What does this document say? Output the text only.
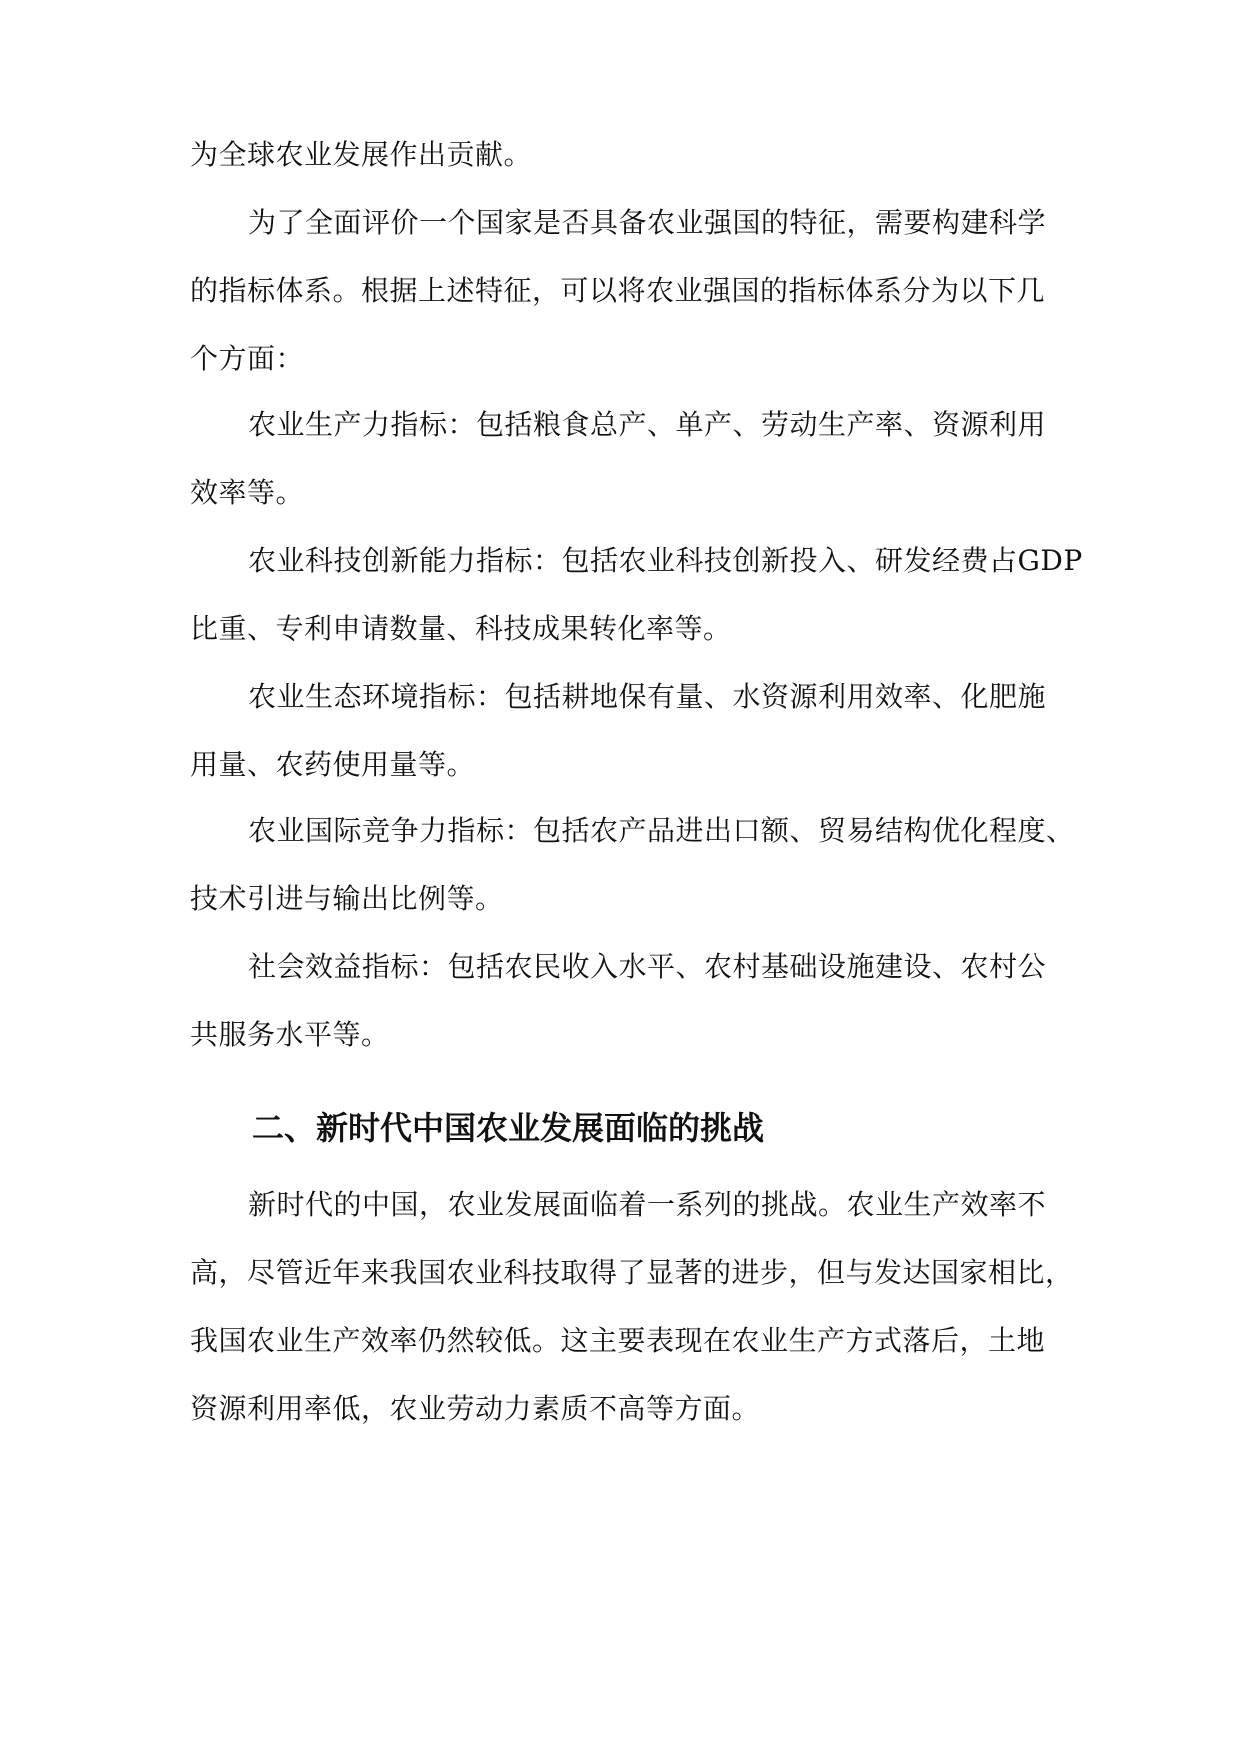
为全球农业发展作出贡献。
为了全面评价一个国家是否具备农业强国的特征，需要构建科学
的指标体系。根据上述特征，可以将农业强国的指标体系分为以下几
个方面：
农业生产力指标：包括粮食总产、单产、劳动生产率、资源利用
效率等。
农业科技创新能力指标：包括农业科技创新投入、研发经费占GDP
比重、专利申请数量、科技成果转化率等。
农业生态环境指标：包括耕地保有量、水资源利用效率、化肥施
用量、农药使用量等。
农业国际竞争力指标：包括农产品进出口额、贸易结构优化程度、
技术引进与输出比例等。
社会效益指标：包括农民收入水平、农村基础设施建设、农村公
共服务水平等。
二、新时代中国农业发展面临的挑战
新时代的中国，农业发展面临着一系列的挑战。农业生产效率不
高，尽管近年来我国农业科技取得了显著的进步，但与发达国家相比，
我国农业生产效率仍然较低。这主要表现在农业生产方式落后，土地
资源利用率低，农业劳动力素质不高等方面。
